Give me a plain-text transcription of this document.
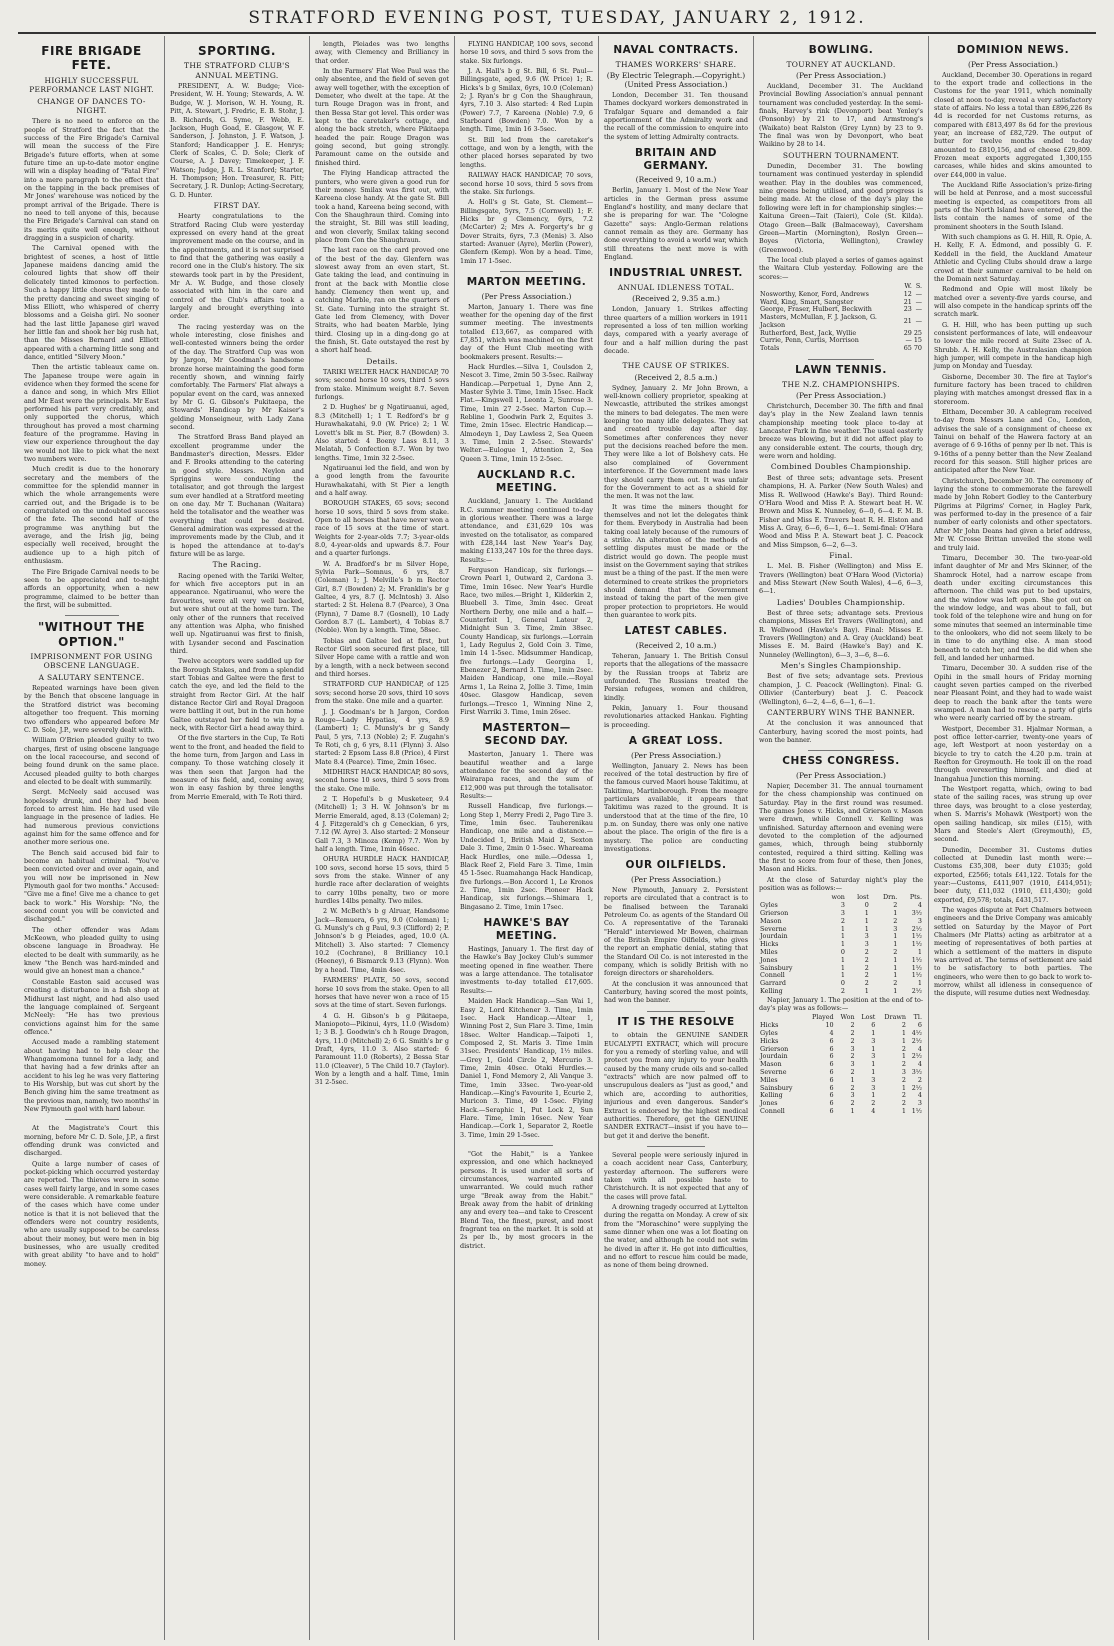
STRATFORD EVENING POST, TUESDAY, JANUARY 2, 1912.
FIRE BRIGADE FETE.
HIGHLY SUCCESSFUL PERFORMANCE LAST NIGHT.
CHANGE OF DANCES TO-NIGHT.

There is no need to enforce on the people of Stratford the fact that the success of the Fire Brigade's Carnival will mean the success of the Fire Brigade's future efforts, when at some future time an up-to-date motor engine will win a display heading of "Fatal Fire" into a mere paragraph to the effect that on the tapping in the back premises of Mr Jones' warehouse was noticed by the prompt arrival of the Brigade. There is no need to tell anyone of this, because the Fire Brigade's Carnival can stand on its merits quite well enough, without dragging in a suspicion of charity.

The Carnival opened with the brightest of scenes, a host of little Japanese maidens dancing amid the coloured lights that show off their delicately tinted kimonos to perfection. Such a happy little chorus they made to the pretty dancing and sweet singing of Miss Elliott, who whispered of cherry blossoms and a Geisha girl. No sooner had the last little Japanese girl waved her little fan and shook her big rush hat, than the Misses Bernard and Elliott appeared with a charming little song and dance, entitled "Silvery Moon."

Then the artistic tableaux came on. The Japanese troupe were again in evidence when they formed the scene for a dance and song, in which Mrs Elliot and Mr East were the principals. Mr East performed his part very creditably, and only supported the chorus, which throughout has proved a most charming feature of the programme. Having in view our experience throughout the day we would not like to pick what the next two numbers were.

Much credit is due to the honorary secretary and the members of the committee for the splendid manner in which the whole arrangements were carried out, and the Brigade is to be congratulated on the undoubted success of the fete. The second half of the programme was anything but the average, and the Irish jig, being especially well received, brought the audience up to a high pitch of enthusiasm.

The Fire Brigade Carnival needs to be seen to be appreciated and to-night affords an opportunity, when a new programme, claimed to be better than the first, will be submitted.

"WITHOUT THE OPTION."
IMPRISONMENT FOR USING OBSCENE LANGUAGE.
A SALUTARY SENTENCE.

Repeated warnings have been given by the Bench that obscene language in the Stratford district was becoming altogether too frequent. This morning two offenders who appeared before Mr C. D. Sole, J.P., were severely dealt with.

William O'Brien pleaded guilty to two charges, first of using obscene language on the local racecourse, and second of being found drunk on the same place. Accused pleaded guilty to both charges and elected to be dealt with summarily.

Sergt. McNeely said accused was hopelessly drunk, and they had been forced to arrest him. He had used vile language in the presence of ladies. He had numerous previous convictions against him for the same offence and for another more serious one.

The Bench said accused bid fair to become an habitual criminal. "You've been convicted over and over again, and you will now be imprisoned in New Plymouth gaol for two months." Accused: "Give me a fine! Give me a chance to get back to work." His Worship: "No, the second count you will be convicted and discharged."

The other offender was Adam McKeown, who pleaded guilty to using obscene language in Broadway. He elected to be dealt with summarily, as he knew "the Bench was hard-minded and would give an honest man a chance."

Constable Easton said accused was creating a disturbance in a fish shop at Midhurst last night, and had also used the language complained of. Sergeant McNeely: "He has two previous convictions against him for the same offence."

Accused made a rambling statement about having had to help clear the Whangamomona tunnel for a lady, and that having had a few drinks after an accident to his leg he was very flattering to His Worship, but was cut short by the Bench giving him the same treatment as the previous man, namely, two months' in New Plymouth gaol with hard labour.

At the Magistrate's Court this morning, before Mr C. D. Sole, J.P., a first offending drunk was convicted and discharged.

Quite a large number of cases of pocket-picking which occurred yesterday are reported. The thieves were in some cases well fairly large, and in some cases were considerable. A remarkable feature of the cases which have come under notice is that it is not believed that the offenders were not country residents, who are usually supposed to be careless about their money, but were men in big businesses, who are usually credited with great ability "to have and to hold" money.

SPORTING.
THE STRATFORD CLUB'S ANNUAL MEETING.

PRESIDENT, A. W. Budge; Vice-President, W. H. Young; Stewards, A. W. Budge, W. J. Morison, W. H. Young, R. Pitt, A. Stewart, J. Fredric, E. B. Stohr, J. B. Richards, G. Syme, F. Webb, E. Jackson, Hugh Goad, E. Glasgow, W. F. Sanderson, J. Johnston, J. F. Watson, J. Stanford; Handicapper J. E. Henrys; Clerk of Scales, C. D. Sole; Clerk of Course, A. J. Davey; Timekeeper, J. F. Watson; Judge, J. R. L. Stanford; Starter, H. Thompson; Hon. Treasurer, R. Pitt; Secretary, J. R. Dunlop; Acting-Secretary, G. D. Hunter.

FIRST DAY.

Hearty congratulations to the Stratford Racing Club were yesterday expressed on every hand at the great improvement made on the course, and in the appointments, and it is not surprised to find that the gathering was easily a record one in the Club's history. The six stewards took part in by the President, Mr A. W. Budge, and those closely associated with him in the care and control of the Club's affairs took a largely and brought everything into order.

The racing yesterday was on the whole interesting, close finishes and well-contested winners being the order of the day. The Stratford Cup was won by Jargon, Mr Goodman's handsome bronze horse maintaining the good form recently shown, and winning fairly comfortably. The Farmers' Flat always a popular event on the card, was annexed by Mr G. G. Gibson's Pukitaepa, the Stewards' Handicap by Mr Kaiser's gelding Monseigneur, with Lady Zana second.

The Stratford Brass Band played an excellent programme under the Bandmaster's direction, Messrs. Elder and F. Brooks attending to the catering in good style. Messrs. Neylon and Spriggins were conducting the totalisator, and got through the largest sum ever handled at a Stratford meeting on one day. Mr T. Buchanan (Waitara) held the totalisator and the weather was everything that could be desired. General admiration was expressed at the improvements made by the Club, and it is hoped the attendance at to-day's fixture will be as large.

The Racing.

Racing opened with the Tariki Welter, for which five acceptors put in an appearance. Ngatiruanui, who were the favourites, were all very well backed, but were shut out at the home turn. The only other of the runners that received any attention was Alpha, who finished well up. Ngatiruanui was first to finish, with Lysander second and Fascination third.

Twelve acceptors were saddled up for the Borough Stakes, and from a splendid start Tobias and Galtee were the first to catch the eye, and led the field to the straight from Rector Girl. At the half distance Rector Girl and Royal Dragoon were battling it out, but in the run home Galtee outstayed her field to win by a neck, with Rector Girl a head away third.

Of the five starters in the Cup, Te Roti went to the front, and headed the field to the home turn, from Jargon and Lass in company. To those watching closely it was then seen that Jargon had the measure of his field, and, coming away, won in easy fashion by three lengths from Merrie Emerald, with Te Roti third.

length, Pleiades was two lengths away, with Clemency and Brilliancy in that order.

In the Farmers' Flat Wee Paul was the only absentee, and the field of seven got away well together, with the exception of Demeter, who dwelt at the tape. At the turn Rouge Dragon was in front, and then Bessa Star got level. This order was kept to the caretaker's cottage, and along the back stretch, where Pikitaepa headed the pair. Rouge Dragon was going second, but going strongly. Paramount came on the outside and finished third.

The Flying Handicap attracted the punters, who were given a good run for their money. Smilax was first out, with Kareena close handy. At the gate St. Bill took a hand, Kareena being second, with Con the Shaughraun third. Coming into the straight, St. Bill was still leading, and won cleverly, Smilax taking second place from Con the Shaughraun.

The last race on the card proved one of the best of the day. Glenfern was slowest away from an even start, St. Gate taking the lead, and continuing in front at the back with Montlie close handy. Clemency then went up, and catching Marble, ran on the quarters of St. Gate. Turning into the straight St. Gate led from Clemency, with Dover Straits, who had beaten Marble, lying third. Closing up in a ding-dong go at the finish, St. Gate outstayed the rest by a short half head.

Details.

TARIKI WELTER HACK HANDICAP, 70 sovs; second horse 10 sovs, third 5 sovs from stake. Minimum weight 8.7. Seven furlongs.

2 D. Hughes' br g Ngatiruanui, aged, 8.3 (Mitchell) 1; 1 T. Redford's br g Hurawhakatahi, 9.0 (W. Price) 2; 1 W. Lovett's blk m St. Pier, 8.7 (Bowden) 3. Also started: 4 Boeny Lass 8.11, 3 Melatah, 5 Confection 8.7. Won by two lengths. Time, 1min 32 2-5sec.

Ngatiruanui led the field, and won by a good length from the favourite Hurawhakatahi, with St Pier a length and a half away.

BOROUGH STAKES, 65 sovs; second horse 10 sovs, third 5 sovs from stake. Open to all horses that have never won a race of 15 sovs at the time of start. Weights for 2-year-olds 7.7; 3-year-olds 8.0, 4-year-olds and upwards 8.7. Four and a quarter furlongs.

W. A. Bradford's br m Silver Hope, Sylvia Park—Somnus, 6 yrs, 8.7 (Coleman) 1; J. Melville's b m Rector Girl, 8.7 (Bowden) 2; M. Franklin's br g Galtee, 4 yrs, 8.7 (J. McIntosh) 3. Also started: 2 St. Helena 8.7 (Pearce), 3 Ona (Flynn), 7 Dame 8.7 (Gosnell), 10 Lady Gordon 8.7 (L. Lambert), 4 Tobias 8.7 (Noble). Won by a length. Time, 58sec.

Tobias and Galtee led at first, but Rector Girl soon secured first place, till Silver Hope came with a rattle and won by a length, with a neck between second and third horses.

STRATFORD CUP HANDICAP, of 125 sovs; second horse 20 sovs, third 10 sovs from the stake. One mile and a quarter.

J. J. Goodman's br h Jargon, Cordon Rouge—Lady Hypatias, 4 yrs, 8.9 (Lambert) 1; C. Munsly's br g Sandy Paul, 5 yrs, 7.13 (Noble) 2; F. Zugahn's Te Roti, ch g, 6 yrs, 8.11 (Flynn) 3. Also started: 2 Epsom Lass 8.8 (Price), 4 First Mate 8.4 (Pearce). Time, 2min 16sec.

MIDHIRST HACK HANDICAP, 80 sovs, second horse 10 sovs, third 5 sovs from the stake. One mile.

2 T. Hopeful's b g Musketeer, 9.4 (Mitchell) 1; 3 H. W. Johnson's br m Merrie Emerald, aged, 8.13 (Coleman) 2; 4 J. Fitzgerald's ch g Ceneckian, 6 yrs, 7.12 (W. Ayre) 3. Also started: 2 Monseur Gall 7.3, 3 Minoza (Kemp) 7.7. Won by half a length. Time, 1min 46sec.

OHURA HURDLE HACK HANDICAP, 100 sovs, second horse 15 sovs, third 5 sovs from the stake. Winner of any hurdle race after declaration of weights to carry 10lbs penalty, two or more hurdles 14lbs penalty. Two miles.

2 W. McBeth's b g Alruar, Handsome Jack—Remuera, 6 yrs, 9.0 (Coleman) 1; G. Munsly's ch g Paul, 9.3 (Clifford) 2; P. Johnson's b g Pleiades, aged, 10.0 (A. Mitchell) 3. Also started: 7 Clemency 10.2 (Cochrane), 8 Brilliancy 10.1 (Heeney), 6 Bismarck 9.13 (Flynn). Won by a head. Time, 4min 4sec.

FARMERS' PLATE, 50 sovs, second horse 10 sovs from the stake. Open to all horses that have never won a race of 15 sovs at the time of start. Seven furlongs.

4 G. H. Gibson's b g Pikitaepa, Maniopoto—Pikinui, 4yrs, 11.0 (Wisdom) 1; 3 B. J. Goodwin's ch h Rouge Dragon, 4yrs, 11.0 (Mitchell) 2; 6 G. Smith's br g Draft, 4yrs, 11.0 3. Also started: 6 Paramount 11.0 (Roberts), 2 Bessa Star 11.0 (Cleaver), 5 The Child 10.7 (Taylor). Won by a length and a half. Time, 1min 31 2-5sec.

FLYING HANDICAP, 100 sovs, second horse 10 sovs, and third 5 sovs from the stake. Six furlongs.

J. A. Hall's b g St. Bill, 6 St. Paul—Billingsgate, aged, 9.6 (W. Price) 1; R. Hicks's b g Smilax, 6yrs, 10.0 (Coleman) 2; J. Ryan's br g Con the Shaughraun, 4yrs, 7.10 3. Also started: 4 Red Lupin (Power) 7.7, 7 Kareena (Noble) 7.9, 6 Starboard (Bowden) 7.0. Won by a length. Time, 1min 16 3-5sec.

St. Bill led from the caretaker's cottage, and won by a length, with the other placed horses separated by two lengths.

RAILWAY HACK HANDICAP, 70 sovs, second horse 10 sovs, third 5 sovs from the stake. Six furlongs.

A. Holl's g St. Gate, St. Clement—Billingsgate, 5yrs, 7.5 (Cornwell) 1; F. Hicks br g Clemency, 6yrs, 7.2 (McCarter) 2; Mrs A. Forgerty's br g Dover Straits, 6yrs, 7.3 (Menis) 3. Also started: Avanuer (Ayre), Merlin (Power), Glenfern (Kemp). Won by a head. Time, 1min 17 1-5sec.

MARTON MEETING.
(Per Press Association.)

Marton, January 1. There was fine weather for the opening day of the first summer meeting. The investments totalled £13,667, as compared with £7,851, which was machined on the first day of the Hunt Club meeting with bookmakers present. Results:—

Hack Hurdles.—Silva 1, Coulsdon 2, Nescot 3. Time, 2min 50 3-5sec. Railway Handicap.—Perpetual 1, Dyne Ann 2, Master Sylvie 3. Time, 1min 15sec. Hack Flat.—Kingswell 1, Leonta 2, Sunrose 3. Time, 1min 27 2-5sec. Marton Cup.—Rebline 1, Goodwin Park 2, Equites 3. Time, 2min 15sec. Electric Handicap.—Almodeyn 1, Day Lawless 2, Sea Queen 3. Time, 1min 2 2-5sec. Stewards' Welter.—Eulogue 1, Attention 2, Sea Queen 3. Time, 1min 15 2-5sec.

AUCKLAND R.C. MEETING.

Auckland, January 1. The Auckland R.C. summer meeting continued to-day in glorious weather. There was a large attendance, and £31,629 10s was invested on the totalisator, as compared with £28,144 last New Year's Day, making £133,247 10s for the three days. Results:—

Ferguson Handicap, six furlongs.—Crown Pearl 1, Outward 2, Cardona 3. Time, 1min 16sec. New Year's Hurdle Race, two miles.—Bright 1, Kilderkin 2, Bluebell 3. Time, 3min 4sec. Great Northern Derby, one mile and a half.—Counterfeit 1, General Lateur 2, Midnight Sun 3. Time, 2min 38sec. County Handicap, six furlongs.—Lorrain 1, Lady Regulus 2, Gold Coin 3. Time, 1min 14 1-5sec. Midsummer Handicap, five furlongs.—Lady Georgina 1, Ebenezer 2, Bernard 3. Time, 1min 2sec. Maiden Handicap, one mile.—Royal Arms 1, La Reina 2, Jollie 3. Time, 1min 40sec. Glasgow Handicap, seven furlongs.—Tresco 1, Winning Nine 2, First Warriki 3. Time, 1min 26sec.

MASTERTON—SECOND DAY.

Masterton, January 1. There was beautiful weather and a large attendance for the second day of the Wairarapa races, and the sum of £12,900 was put through the totalisator. Results:—

Russell Handicap, five furlongs.—Long Step 1, Merry Fredi 2, Pago Tire 3. Time, 1min 6sec. Tauherenikau Handicap, one mile and a distance.—Undecided 1, British Maid 2, Sexton Dale 3. Time, 2min 0 1-5sec. Whareama Hack Hurdles, one mile.—Odessa 1, Black Reef 2, Field Fare 3. Time, 1min 45 1-5sec. Ruamahanga Hack Handicap, five furlongs.—Bon Accord 1, Le Kronos 2. Time, 1min 2sec. Pioneer Hack Handicap, six furlongs.—Shimara 1, Bingasano 2. Time, 1min 17sec.

HAWKE'S BAY MEETING.

Hastings, January 1. The first day of the Hawke's Bay Jockey Club's summer meeting opened in fine weather. There was a large attendance. The totalisator investments to-day totalled £17,605. Results:—

Maiden Hack Handicap.—San Wai 1, Easy 2, Lord Kitchener 3. Time, 1min 1sec. Hack Handicap.—Altear 1, Winning Post 2, Sun Flare 3. Time, 1min 18sec. Welter Handicap.—Taipoti 1, Composed 2, St. Maris 3. Time 1min 31sec. Presidents' Handicap, 1½ miles.—Grey 1, Gold Circle 2, Mercurio 3. Time, 2min 40sec. Otaki Hurdles.—Daniel 1, Fond Memory 2, Ali Vanque 3. Time, 1min 33sec. Two-year-old Handicap.—King's Favourite 1, Ecurie 2, Muricon 3. Time, 49 1-5sec. Flying Hack.—Seraphic 1, Put Lock 2, Sun Flare. Time, 1min 16sec. New Year Handicap.—Cork 1, Separator 2, Roetle 3. Time, 1min 29 1-5sec.

"Got the Habit," is a Yankee expression, and one which hackneyed persons. It is used under all sorts of circumstances, warranted and unwarranted. We could much rather urge "Break away from the Habit." Break away from the habit of drinking any and every tea—and take to Crescent Blend Tea, the finest, purest, and most fragrant tea on the market. It is sold at 2s per lb., by most grocers in the district.

NAVAL CONTRACTS.
THAMES WORKERS' SHARE.
(By Electric Telegraph.—Copyright.) (United Press Association.)

London, December 31. Ten thousand Thames dockyard workers demonstrated in Trafalgar Square and demanded a fair apportionment of the Admiralty work and the recall of the commission to enquire into the system of letting Admiralty contracts.

BRITAIN AND GERMANY.
(Received 9, 10 a.m.)

Berlin, January 1. Most of the New Year articles in the German press assume England's hostility, and many declare that she is preparing for war. The "Cologne Gazette" says: Anglo-German relations cannot remain as they are. Germany has done everything to avoid a world war, which still threatens the next move is with England.

INDUSTRIAL UNREST.
ANNUAL IDLENESS TOTAL.
(Received 2, 9.35 a.m.)

London, January 1. Strikes affecting three quarters of a million workers in 1911 represented a loss of ten million working days, compared with a yearly average of four and a half million during the past decade.

THE CAUSE OF STRIKES.
(Received 2, 8.5 a.m.)

Sydney, January 2. Mr John Brown, a well-known colliery proprietor, speaking at Newcastle, attributed the strikes amongst the miners to bad delegates. The men were keeping too many idle delegates. They sat and created trouble day after day. Sometimes after conferences they never put the decisions reached before the men. They were like a lot of Bolshevy cats. He also complained of Government interference. If the Government made laws they should carry them out. It was unfair for the Government to act as a shield for the men. It was not the law.

It was time the miners thought for themselves and not let the delegates think for them. Everybody in Australia had been taking coal lately because of the rumours of a strike. An alteration of the methods of settling disputes must be made or the district would go down. The people must insist on the Government saying that strikes must be a thing of the past. If the men were determined to create strikes the proprietors should demand that the Government instead of taking the part of the men give proper protection to proprietors. He would then guarantee to work pits.

LATEST CABLES.
(Received 2, 10 a.m.)

Teheran, January 1. The British Consul reports that the allegations of the massacre by the Russian troops at Tabriz are unfounded. The Russians treated the Persian refugees, women and children, kindly.

Pekin, January 1. Four thousand revolutionaries attacked Hankau. Fighting is proceeding.

A GREAT LOSS.
(Per Press Association.)

Wellington, January 2. News has been received of the total destruction by fire of the famous curved Maori house Takitimu, at Takitimu, Martinborough. From the meagre particulars available, it appears that Takitimu was razed to the ground. It is understood that at the time of the fire, 10 p.m. on Sunday, there was only one native about the place. The origin of the fire is a mystery. The police are conducting investigations.

OUR OILFIELDS.
(Per Press Association.)

New Plymouth, January 2. Persistent reports are circulated that a contract is to be finalised between the Taranaki Petroleum Co. as agents of the Standard Oil Co. A representative of the Taranaki "Herald" interviewed Mr Bowen, chairman of the British Empire Oilfields, who gives the report an emphatic denial, stating that the Standard Oil Co. is not interested in the company, which is solidly British with no foreign directors or shareholders.

At the conclusion it was announced that Canterbury, having scored the most points, had won the banner.

IT IS THE RESOLVE

to obtain the GENUINE SANDER EUCALYPTI EXTRACT, which will procure for you a remedy of sterling value, and will protect you from any injury to your health caused by the many crude oils and so-called "extracts" which are now palmed off to unscrupulous dealers as "just as good," and which are, according to authorities, injurious and even dangerous. Sander's Extract is endorsed by the highest medical authorities. Therefore, get the GENUINE SANDER EXTRACT—insist if you have to—but get it and derive the benefit.

Several people were seriously injured in a coach accident near Cass, Canterbury, yesterday afternoon. The sufferers were taken with all possible haste to Christchurch. It is not expected that any of the cases will prove fatal.

A drowning tragedy occurred at Lyttelton during the regatta on Monday. A crew of six from the "Moraschino" were supplying the same dinner when one was a lot floating on the water, and although he could not swim he dived in after it. He got into difficulties, and no effort to rescue him could be made, as none of them being drowned.

BOWLING.
TOURNEY AT AUCKLAND.
(Per Press Association.)

Auckland, December 31. The Auckland Provincial Bowling Association's annual pennant tournament was concluded yesterday. In the semi-finals, Harvey's rink (Devonport) beat Yenley's (Ponsonby) by 21 to 17, and Armstrong's (Waikato) beat Ralston (Grey Lynn) by 23 to 9. The final was won by Devonport, who beat Waikino by 28 to 14.

SOUTHERN TOURNAMENT.

Dunedin, December 31. The bowling tournament was continued yesterday in splendid weather. Play in the doubles was commenced, nine greens being utilised, and good progress is being made. At the close of the day's play the following were left in for championship singles:—Kaituna Green—Tait (Taieri), Cole (St. Kilda). Otago Green—Balk (Balmaceway), Caversham Green—Martin (Mornington), Roslyn Green—Boyes (Victoria, Wellington), Crawley (Greenwood).

The local club played a series of games against the Waitara Club yesterday. Following are the scores:—

	W.	S.
Nosworthy, Kenor, Ford, Andrews	12	—
Ward, King, Smart, Sangster	21	—
George, Fraser, Hulbert, Beckwith	23	—
Masters, McMullan, F. J. Jackson, G. Jackson	21	—
Rutherford, Best, Jack, Wyllie	29	25
Currie, Penn, Curtis, Morrison	—	15
Totals	65	70
LAWN TENNIS.
THE N.Z. CHAMPIONSHIPS.
(Per Press Association.)

Christchurch, December 30. The fifth and final day's play in the New Zealand lawn tennis championship meeting took place to-day at Lancaster Park in fine weather. The usual easterly breeze was blowing, but it did not affect play to any considerable extent. The courts, though dry, were worn and holding.

Combined Doubles Championship.

Best of three sets; advantage sets. Present champions, H. A. Parker (New South Wales) and Miss R. Wellwood (Hawke's Bay). Third Round: O'Hara Wood and Miss P. A. Stewart beat H. W. Brown and Miss K. Nunneley, 6—0, 6—4. F. M. B. Fisher and Miss E. Travers beat R. H. Elston and Miss A. Gray, 6—6, 6—1, 6—1. Semi-final: O'Hara Wood and Miss P. A. Stewart beat J. C. Peacock and Miss Simpson, 6—2, 6—3.

Final.

L. Mel. B. Fisher (Wellington) and Miss E. Travers (Wellington) beat O'Hara Wood (Victoria) and Miss Stewart (New South Wales), 4—6, 6—3, 6—1.

Ladies' Doubles Championship.

Best of three sets; advantage sets. Previous champions, Misses Erl Travers (Wellington), and R. Wellwood (Hawke's Bay). Final: Misses E. Travers (Wellington) and A. Gray (Auckland) beat Misses E. M. Baird (Hawke's Bay) and K. Nunneley (Wellington), 6—3, 3—6, 8—6.

Men's Singles Championship.

Best of five sets; advantage sets. Previous champion, J. C. Peacock (Wellington). Final: G. Ollivier (Canterbury) beat J. C. Peacock (Wellington), 6—2, 4—6, 6—1, 6—1.

CANTERBURY WINS THE BANNER.

At the conclusion it was announced that Canterbury, having scored the most points, had won the banner.

CHESS CONGRESS.
(Per Press Association.)

Napier, December 31. The annual tournament for the chess championship was continued on Saturday. Play in the first round was resumed. The games Jones v. Hicks, and Grierson v. Mason were drawn, while Connell v. Kelling was unfinished. Saturday afternoon and evening were devoted to the completion of the adjourned games, which, through being stubbornly contested, required a third sitting. Kelling was the first to score from four of these, then Jones, Mason and Hicks.

At the close of Saturday night's play the position was as follows:—

	won	lost	Drn.	Pts.
Gyles	3	0	2	4
Grierson	3	1	1	3½
Mason	2	1	2	3
Severne	1	1	3	2½
Jourdain	1	3	1	1½
Hicks	1	3	1	1½
Miles	0	2	2	1
Jones	1	2	1	1½
Sainsbury	1	2	1	1½
Connell	1	2	1	1½
Garrard	0	2	2	1
Kelling	2	1	1	2½

Napier, January 1. The position at the end of to-day's play was as follows:—

	Played	Won	Lost	Drawn	Tl.
Hicks	10	2	6	2	6
Gyles	4	2	1	1	4½
Hicks	6	2	3	1	2½
Grierson	6	3	1	2	4
Jourdain	6	2	3	1	2½
Mason	6	3	1	2	4
Severne	6	2	1	3	3½
Miles	6	1	3	2	2
Sainsbury	6	2	3	1	2½
Kelling	6	3	1	2	4
Jones	6	2	2	2	3
Connell	6	1	4	1	1½
DOMINION NEWS.
(Per Press Association.)

Auckland, December 30. Operations in regard to the export trade and collections in the Customs for the year 1911, which nominally closed at noon to-day, reveal a very satisfactory state of affairs. No less a total than £896,226 8s 4d is recorded for net Customs returns, as compared with £813,497 8s 6d for the previous year, an increase of £82,729. The output of butter for twelve months ended to-day amounted to £810,156, and of cheese £29,809. Frozen meat exports aggregated 1,300,155 carcases, while hides and skins amounted to over £44,000 in value.

The Auckland Rifle Association's prize-firing will be held at Penrose, and a most successful meeting is expected, as competitors from all parts of the North Island have entered, and the lists contain the names of some of the prominent shooters in the South Island.

With such champions as G. H. Hill, R. Opie, A. H. Kelly, F. A. Edmond, and possibly G. F. Keddell in the field, the Auckland Amateur Athletic and Cycling Clubs should draw a large crowd at their summer carnival to be held on the Domain next Saturday.

Redmond and Opie will most likely be matched over a seventy-five yards course, and will also compete in the handicap sprints off the scratch mark.

G. H. Hill, who has been putting up such consistent performances of late, will endeavour to lower the mile record at Suite 23sec of A. Shrubb. A. H. Kelly, the Australasian champion high jumper, will compete in the handicap high jump on Monday and Tuesday.

Gisborne, December 30. The fire at Taylor's furniture factory has been traced to children playing with matches amongst dressed flax in a storeroom.

Eltham, December 30. A cablegram received to-day from Messrs Lane and Co., London, advises the sale of a consignment of cheese ex Tainui on behalf of the Hawera factory at an average of 6 9-16ths of penny per lb net. This is 9-16ths of a penny better than the New Zealand record for this season. Still higher prices are anticipated after the New Year.

Christchurch, December 30. The ceremony of laying the stone to commemorate the farewell made by John Robert Godley to the Canterbury Pilgrims at Pilgrims' Corner, in Hagley Park, was performed to-day in the presence of a fair number of early colonists and other spectators. After Mr John Deans had given a brief address, Mr W. Crosse Brittan unveiled the stone well and truly laid.

Timaru, December 30. The two-year-old infant daughter of Mr and Mrs Skinner, of the Shamrock Hotel, had a narrow escape from death under exciting circumstances this afternoon. The child was put to bed upstairs, and the window was left open. She got out on the window ledge, and was about to fall, but took fold of the telephone wire and hung on for some minutes that seemed an interminable time to the onlookers, who did not seem likely to be in time to do anything else. A man stood beneath to catch her, and this he did when she fell, and landed her unharmed.

Timaru, December 30. A sudden rise of the Opihi in the small hours of Friday morning caught seven parties camped on the riverbed near Pleasant Point, and they had to wade waist deep to reach the bank after the tents were swamped. A man had to rescue a party of girls who were nearly carried off by the stream.

Westport, December 31. Hjalmar Norman, a post office letter-carrier, twenty-one years of age, left Westport at noon yesterday on a bicycle to try to catch the 4.20 p.m. train at Reefton for Greymouth. He took ill on the road through overexerting himself, and died at Inangahua Junction this morning.

The Westport regatta, which, owing to bad state of the sailing races, was strung up over three days, was brought to a close yesterday, when S. Marris's Mohawk (Westport) won the open sailing handicap, six miles (£15), with Mars and Steele's Alert (Greymouth), £5, second.

Dunedin, December 31. Customs duties collected at Dunedin last month were:—Customs £35,308, beer duty £1035; gold exported, £2566; totals £41,122. Totals for the year:—Customs, £411,907 (1910, £414,951); beer duty, £11,032 (1910, £11,430); gold exported, £9,578; totals, £431,517.

The wages dispute at Port Chalmers between engineers and the Drive Company was amicably settled on Saturday by the Mayor of Port Chalmers (Mr Platts) acting as arbitrator at a meeting of representatives of both parties at which a settlement of the matters in dispute was arrived at. The terms of settlement are said to be satisfactory to both parties. The engineers, who were then to go back to work to-morrow, whilst all idleness in consequence of the dispute, will resume duties next Wednesday.
